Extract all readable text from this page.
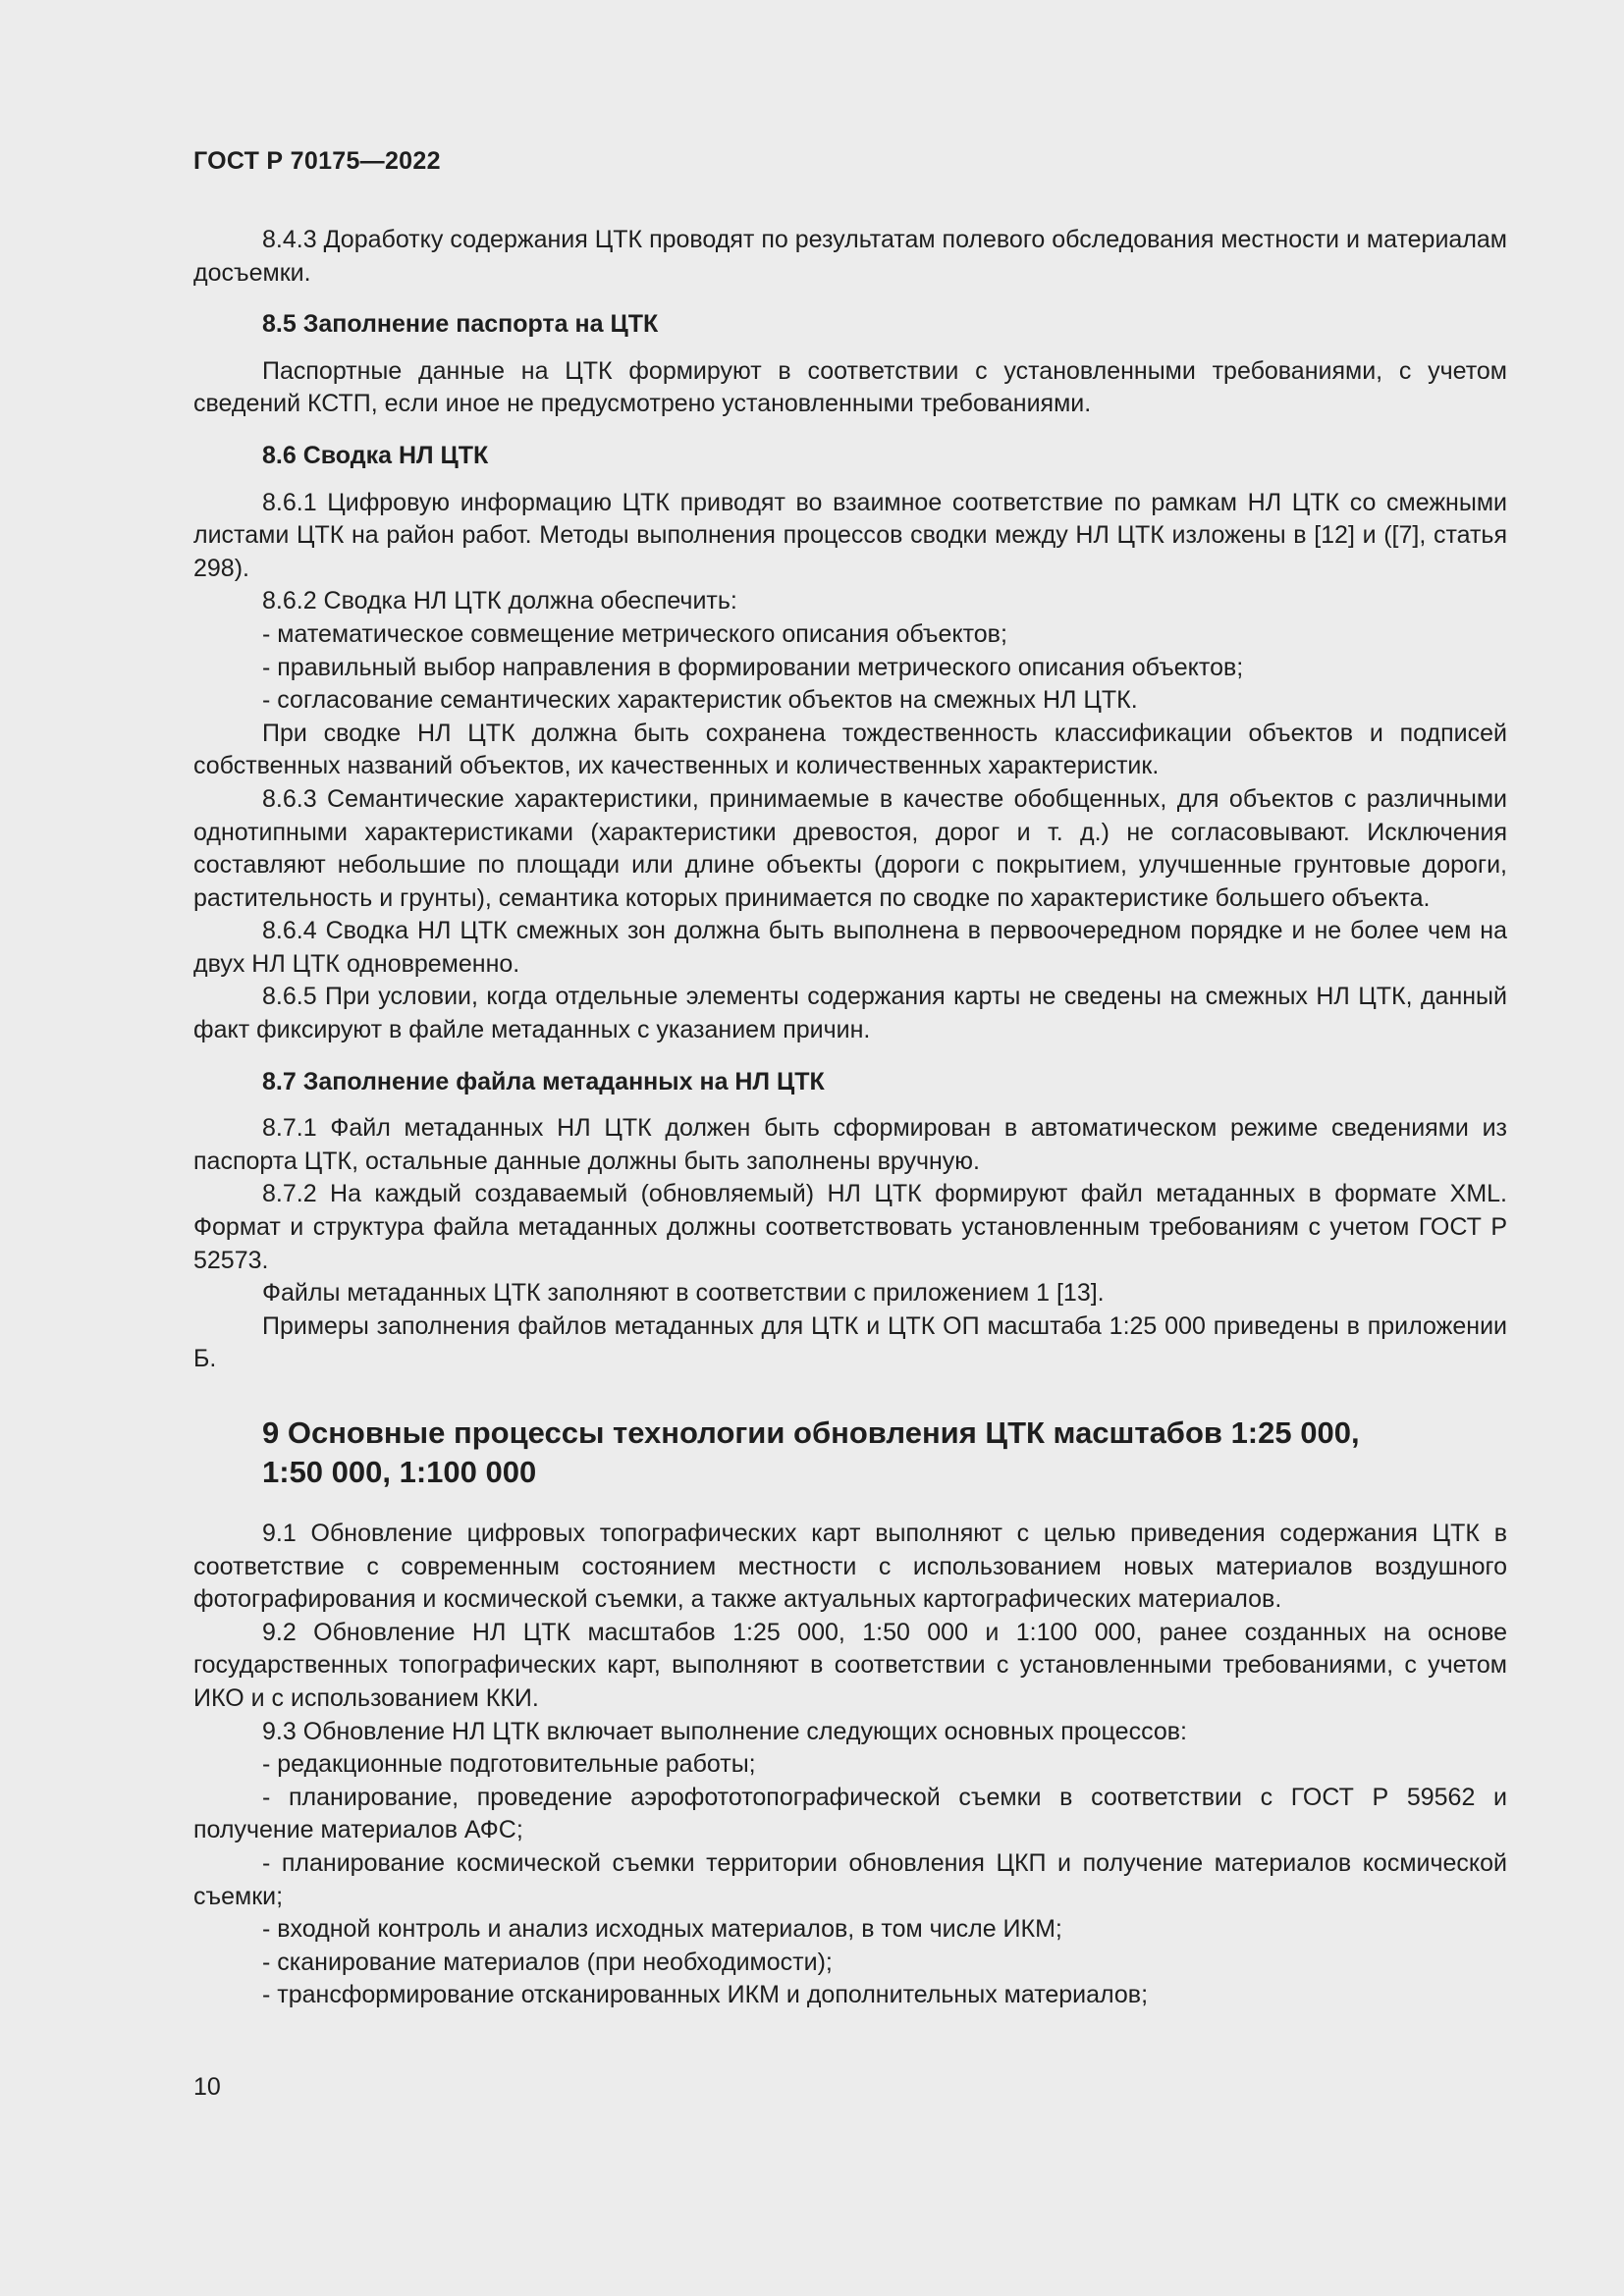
ГОСТ Р 70175—2022

8.4.3 Доработку содержания ЦТК проводят по результатам полевого обследования местности и материалам досъемки.

8.5 Заполнение паспорта на ЦТК

Паспортные данные на ЦТК формируют в соответствии с установленными требованиями, с учетом сведений КСТП, если иное не предусмотрено установленными требованиями.

8.6 Сводка НЛ ЦТК

8.6.1 Цифровую информацию ЦТК приводят во взаимное соответствие по рамкам НЛ ЦТК со смежными листами ЦТК на район работ. Методы выполнения процессов сводки между НЛ ЦТК изложены в [12] и ([7], статья 298).

8.6.2 Сводка НЛ ЦТК должна обеспечить:

- математическое совмещение метрического описания объектов;

- правильный выбор направления в формировании метрического описания объектов;

- согласование семантических характеристик объектов на смежных НЛ ЦТК.

При сводке НЛ ЦТК должна быть сохранена тождественность классификации объектов и подписей собственных названий объектов, их качественных и количественных характеристик.

8.6.3 Семантические характеристики, принимаемые в качестве обобщенных, для объектов с различными однотипными характеристиками (характеристики древостоя, дорог и т. д.) не согласовывают. Исключения составляют небольшие по площади или длине объекты (дороги с покрытием, улучшенные грунтовые дороги, растительность и грунты), семантика которых принимается по сводке по характеристике большего объекта.

8.6.4 Сводка НЛ ЦТК смежных зон должна быть выполнена в первоочередном порядке и не более чем на двух НЛ ЦТК одновременно.

8.6.5 При условии, когда отдельные элементы содержания карты не сведены на смежных НЛ ЦТК, данный факт фиксируют в файле метаданных с указанием причин.

8.7 Заполнение файла метаданных на НЛ ЦТК

8.7.1 Файл метаданных НЛ ЦТК должен быть сформирован в автоматическом режиме сведениями из паспорта ЦТК, остальные данные должны быть заполнены вручную.

8.7.2 На каждый создаваемый (обновляемый) НЛ ЦТК формируют файл метаданных в формате XML. Формат и структура файла метаданных должны соответствовать установленным требованиям с учетом ГОСТ Р 52573.

Файлы метаданных ЦТК заполняют в соответствии с приложением 1 [13].

Примеры заполнения файлов метаданных для ЦТК и ЦТК ОП масштаба 1:25 000 приведены в приложении Б.

9 Основные процессы технологии обновления ЦТК масштабов 1:25 000,
1:50 000, 1:100 000

9.1 Обновление цифровых топографических карт выполняют с целью приведения содержания ЦТК в соответствие с современным состоянием местности с использованием новых материалов воздушного фотографирования и космической съемки, а также актуальных картографических материалов.

9.2 Обновление НЛ ЦТК масштабов 1:25 000, 1:50 000 и 1:100 000, ранее созданных на основе государственных топографических карт, выполняют в соответствии с установленными требованиями, с учетом ИКО и с использованием ККИ.

9.3 Обновление НЛ ЦТК включает выполнение следующих основных процессов:

- редакционные подготовительные работы;

- планирование, проведение аэрофототопографической съемки в соответствии с ГОСТ Р 59562 и получение материалов АФС;

- планирование космической съемки территории обновления ЦКП и получение материалов космической съемки;

- входной контроль и анализ исходных материалов, в том числе ИКМ;

- сканирование материалов (при необходимости);

- трансформирование отсканированных ИКМ и дополнительных материалов;

10
